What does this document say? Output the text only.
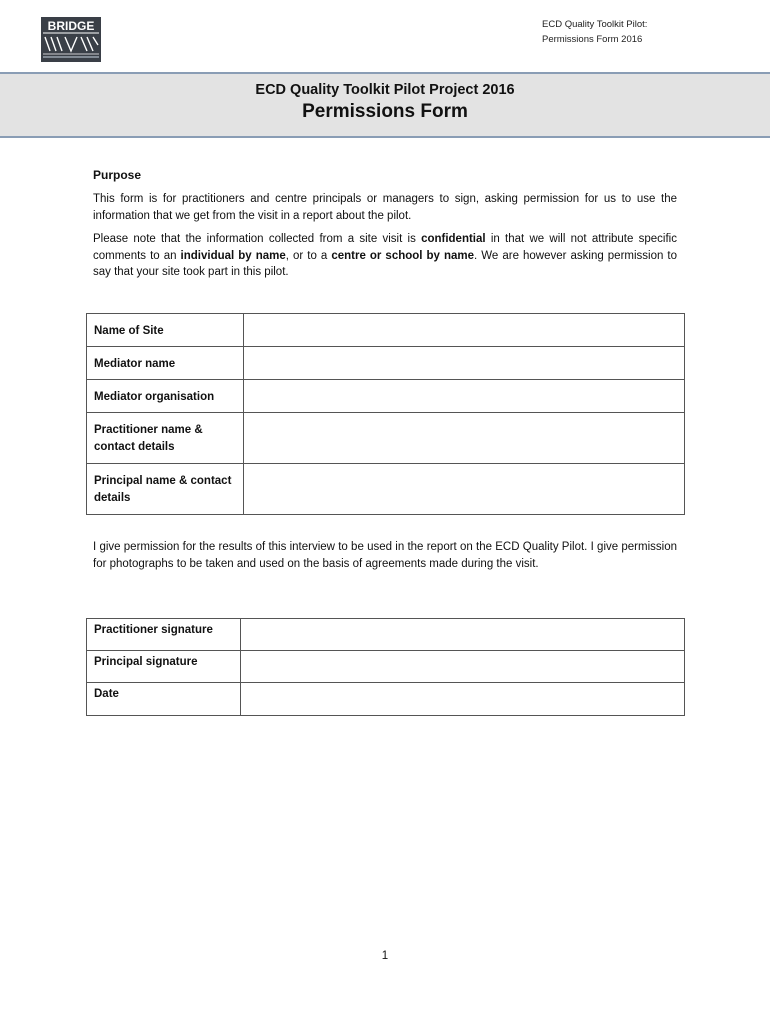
BRIDGE	ECD Quality Toolkit Pilot:
Permissions Form 2016
ECD Quality Toolkit Pilot Project 2016
Permissions Form
Purpose
This form is for practitioners and centre principals or managers to sign, asking permission for us to use the information that we get from the visit in a report about the pilot.
Please note that the information collected from a site visit is confidential in that we will not attribute specific comments to an individual by name, or to a centre or school by name. We are however asking permission to say that your site took part in this pilot.
Name of Site	
Mediator name	
Mediator organisation	
Practitioner name & contact details	
Principal name & contact details	
I give permission for the results of this interview to be used in the report on the ECD Quality Pilot. I give permission for photographs to be taken and used on the basis of agreements made during the visit.
Practitioner signature	
Principal signature	
Date	
1
